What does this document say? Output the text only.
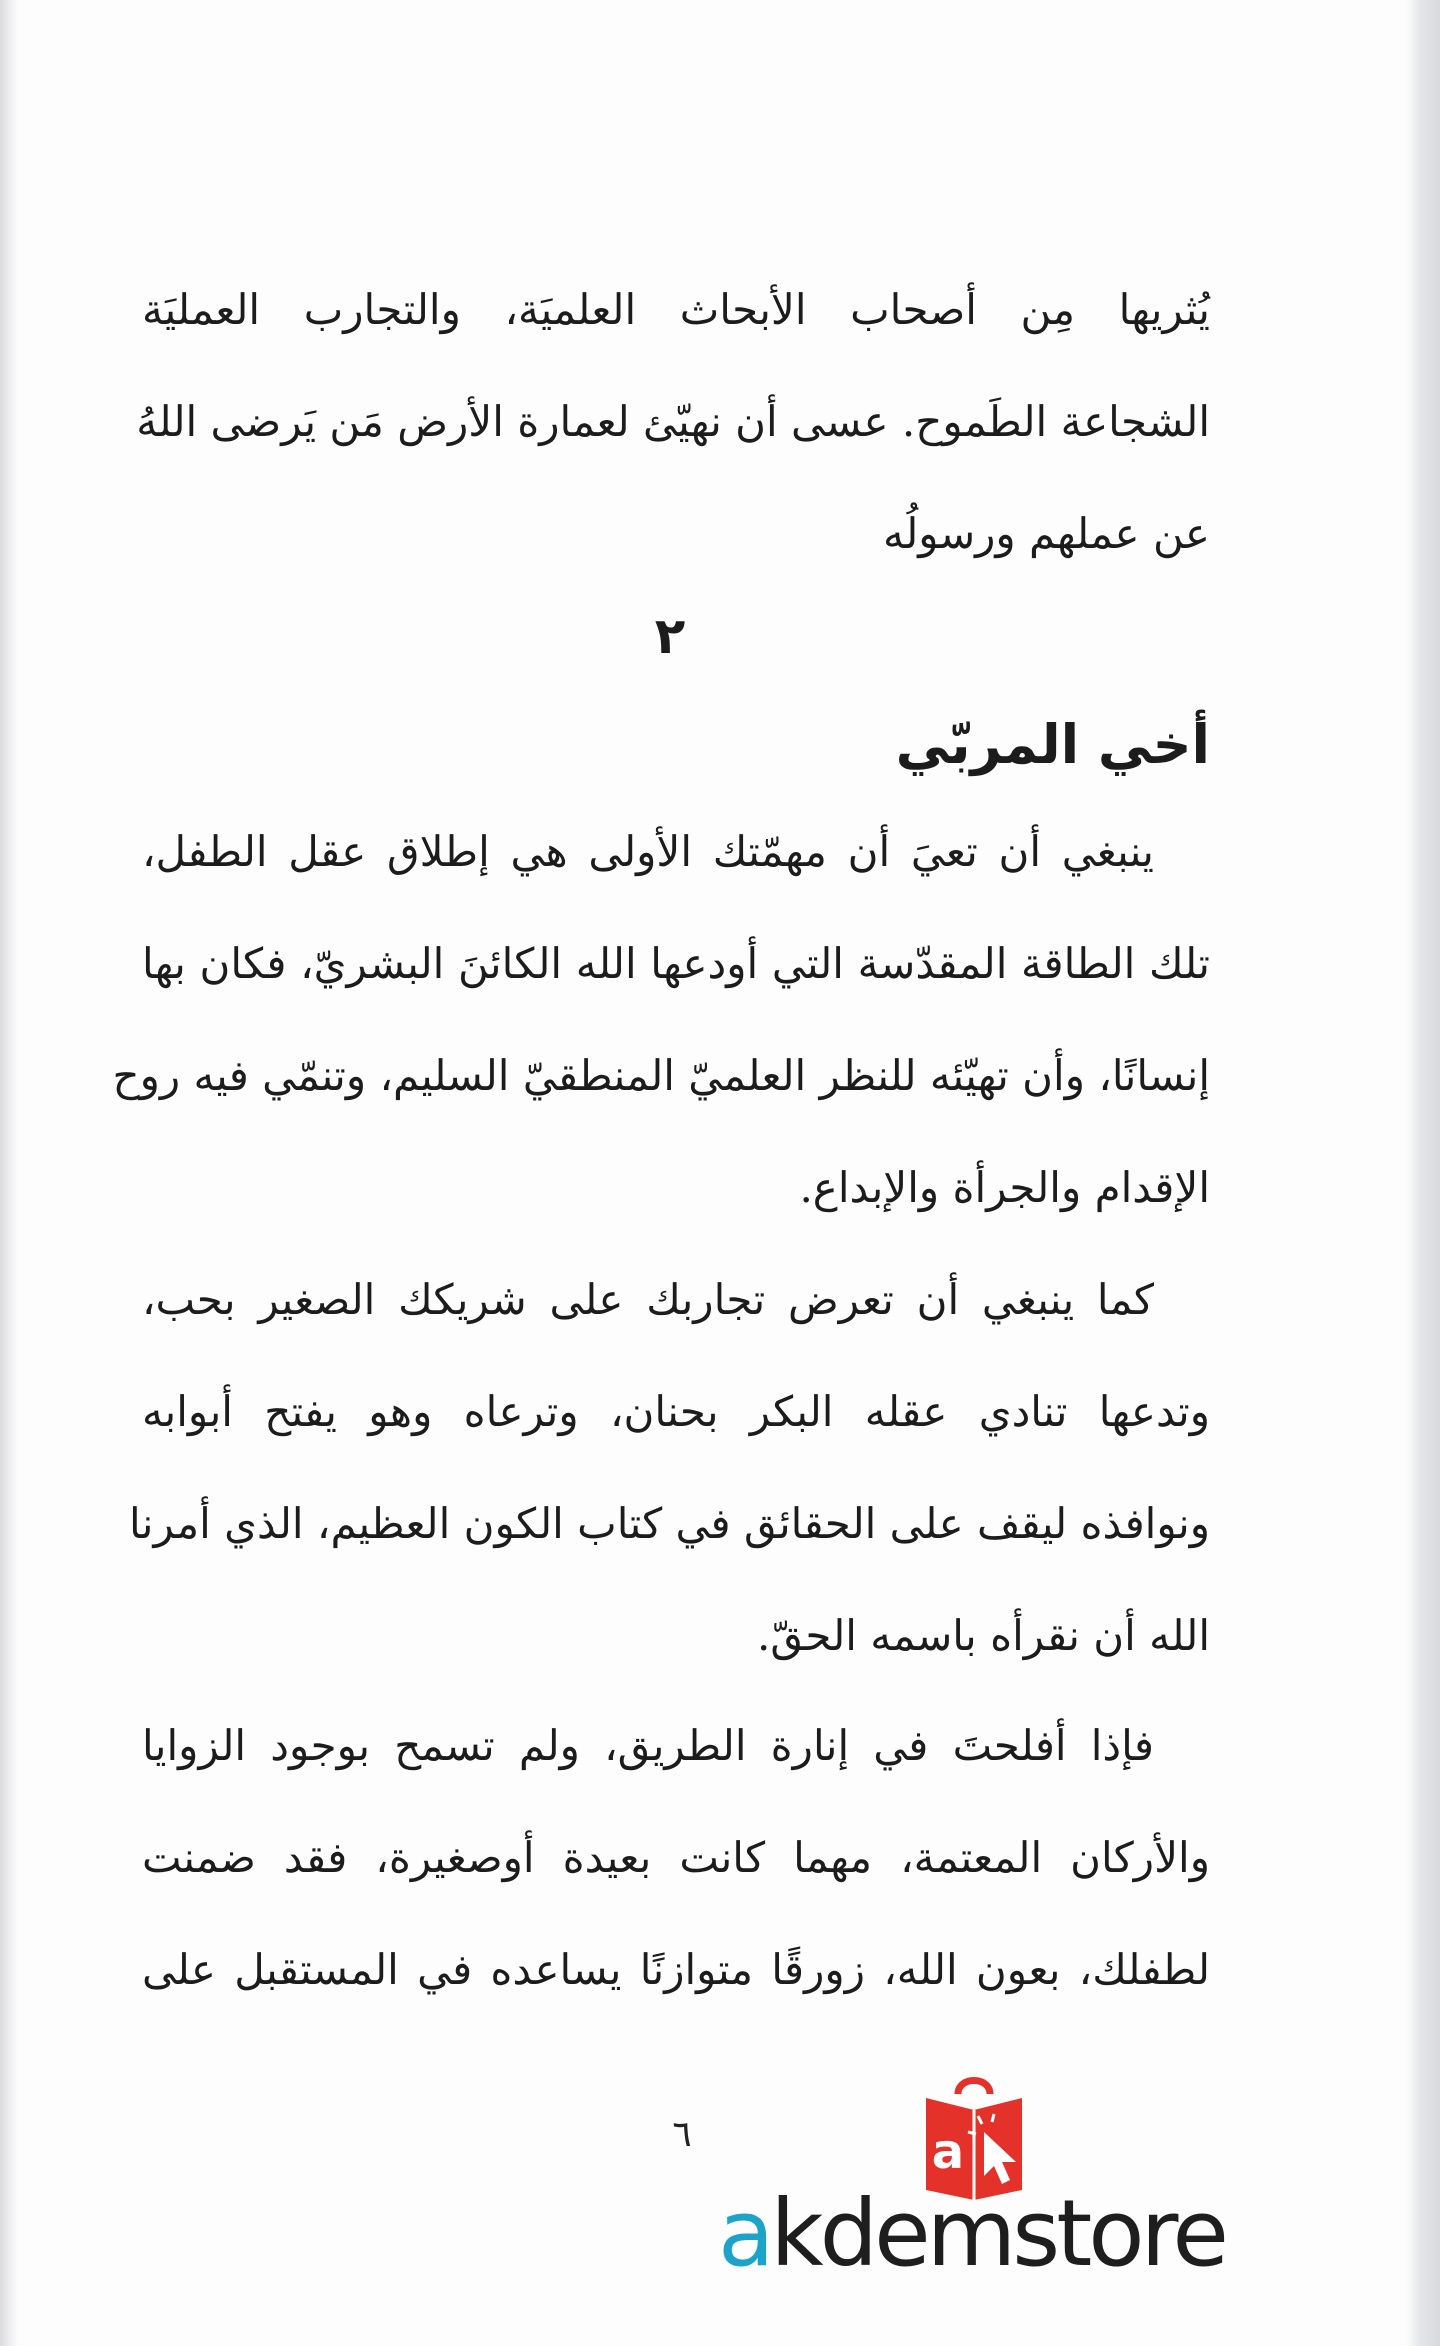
يُثريها مِن أصحاب الأبحاث العلميَة، والتجارب العمليَة
الشجاعة الطَموح. عسى أن نهيّئ لعمارة الأرض مَن يَرضى اللهُ
عن عملهم ورسولُه
٢
أخي المربّي
ينبغي أن تعيَ أن مهمّتك الأولى هي إطلاق عقل الطفل،
تلك الطاقة المقدّسة التي أودعها الله الكائنَ البشريّ، فكان بها
إنسانًا، وأن تهيّئه للنظر العلميّ المنطقيّ السليم، وتنمّي فيه روح
الإقدام والجرأة والإبداع.
كما ينبغي أن تعرض تجاربك على شريكك الصغير بحب،
وتدعها تنادي عقله البكر بحنان، وترعاه وهو يفتح أبوابه
ونوافذه ليقف على الحقائق في كتاب الكون العظيم، الذي أمرنا
الله أن نقرأه باسمه الحقّ.
فإذا أفلحتَ في إنارة الطريق، ولم تسمح بوجود الزوايا
والأركان المعتمة، مهما كانت بعيدة أوصغيرة، فقد ضمنت
لطفلك، بعون الله، زورقًا متوازنًا يساعده في المستقبل على
٦	a
akdemstore
